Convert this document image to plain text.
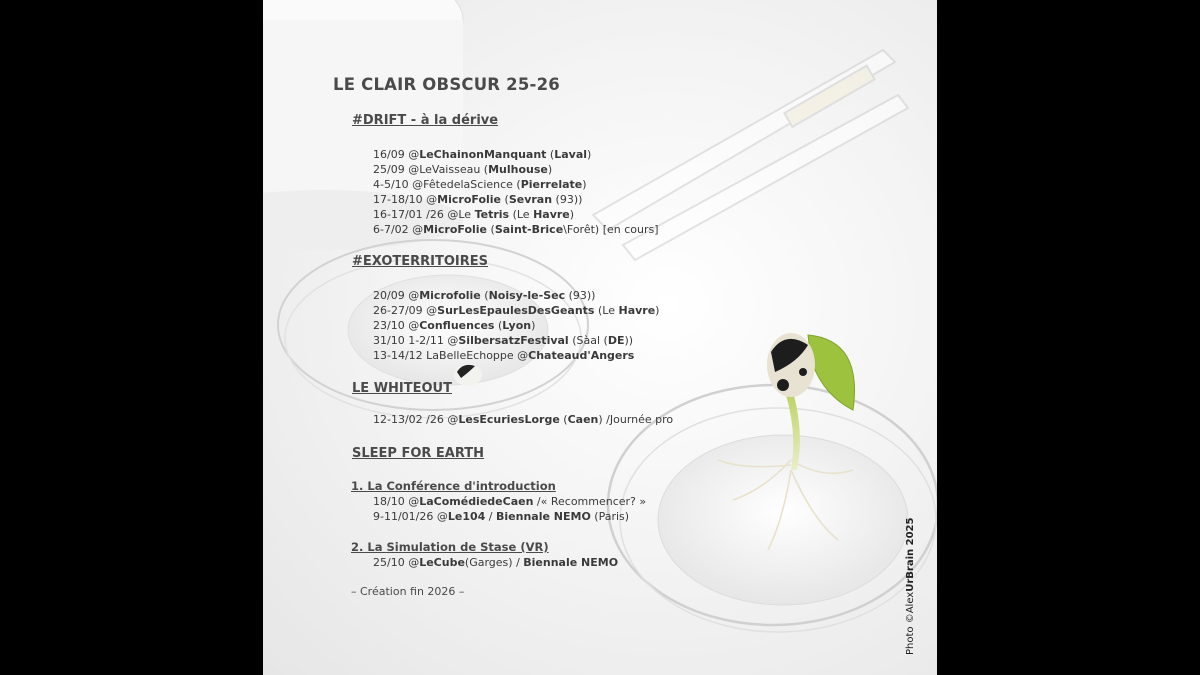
LE CLAIR OBSCUR 25-26
#DRIFT - à la dérive
16/09 @LeChainonManquant (Laval)
25/09 @LeVaisseau (Mulhouse)
4-5/10 @FêtedelaScience (Pierrelate)
17-18/10 @MicroFolie (Sevran (93))
16-17/01 /26 @Le Tetris (Le Havre)
6-7/02 @MicroFolie (Saint-Brice\Forêt) [en cours]
#EXOTERRITOIRES
20/09 @Microfolie (Noisy-le-Sec (93))
26-27/09 @SurLesEpaulesDesGeants (Le Havre)
23/10 @Confluences (Lyon)
31/10 1-2/11 @SilbersatzFestival (Sàal (DE))
13-14/12 LaBelleEchoppe @Chateaud'Angers
LE WHITEOUT
12-13/02 /26 @LesEcuriesLorge (Caen) /Journée pro
SLEEP FOR EARTH
1. La Conférence d'introduction
18/10 @LaComédiedeCaen /« Recommencer? »
9-11/01/26 @Le104 / Biennale NEMO (Paris)
2. La Simulation de Stase (VR)
25/10 @LeCube(Garges) / Biennale NEMO

– Création fin 2026 –

Photo ©AlexUrBrain 2025
